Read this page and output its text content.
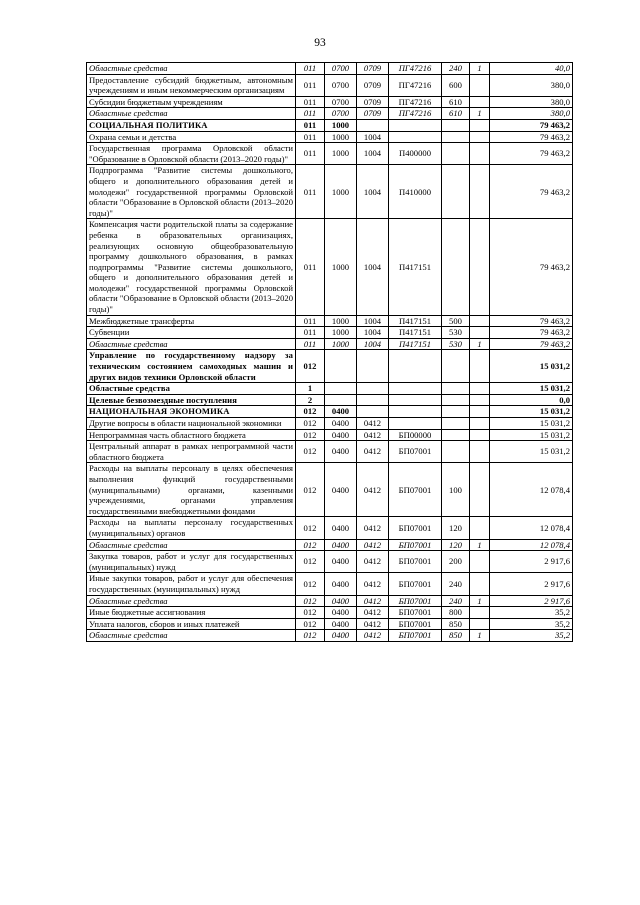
93
Областные средства	011	0700	0709	ПГ47216	240	1	40,0
Предоставление субсидий бюджетным, автономным учреждениям и иным некоммерческим организациям	011	0700	0709	ПГ47216	600		380,0
Субсидии бюджетным учреждениям	011	0700	0709	ПГ47216	610		380,0
Областные средства	011	0700	0709	ПГ47216	610	1	380,0
СОЦИАЛЬНАЯ ПОЛИТИКА	011	1000					79 463,2
Охрана семьи и детства	011	1000	1004				79 463,2
Государственная программа Орловской области "Образование в Орловской области (2013–2020 годы)"	011	1000	1004	П400000			79 463,2
Подпрограмма "Развитие системы дошкольного, общего и дополнительного образования детей и молодежи" государственной программы Орловской области "Образование в Орловской области (2013–2020 годы)"	011	1000	1004	П410000			79 463,2
Компенсация части родительской платы за содержание ребенка в образовательных организациях, реализующих основную общеобразовательную программу дошкольного образования, в рамках подпрограммы "Развитие системы дошкольного, общего и дополнительного образования детей и молодежи" государственной программы Орловской области "Образование в Орловской области (2013–2020 годы)"	011	1000	1004	П417151			79 463,2
Межбюджетные трансферты	011	1000	1004	П417151	500		79 463,2
Субвенции	011	1000	1004	П417151	530		79 463,2
Областные средства	011	1000	1004	П417151	530	1	79 463,2
Управление по государственному надзору за техническим состоянием самоходных машин и других видов техники Орловской области	012						15 031,2
Областные средства	1						15 031,2
Целевые безвозмездные поступления	2						0,0
НАЦИОНАЛЬНАЯ ЭКОНОМИКА	012	0400					15 031,2
Другие вопросы в области национальной экономики	012	0400	0412				15 031,2
Непрограммная часть областного бюджета	012	0400	0412	БП00000			15 031,2
Центральный аппарат в рамках непрограммной части областного бюджета	012	0400	0412	БП07001			15 031,2
Расходы на выплаты персоналу в целях обеспечения выполнения функций государственными (муниципальными) органами, казенными учреждениями, органами управления государственными внебюджетными фондами	012	0400	0412	БП07001	100		12 078,4
Расходы на выплаты персоналу государственных (муниципальных) органов	012	0400	0412	БП07001	120		12 078,4
Областные средства	012	0400	0412	БП07001	120	1	12 078,4
Закупка товаров, работ и услуг для государственных (муниципальных) нужд	012	0400	0412	БП07001	200		2 917,6
Иные закупки товаров, работ и услуг для обеспечения государственных (муниципальных) нужд	012	0400	0412	БП07001	240		2 917,6
Областные средства	012	0400	0412	БП07001	240	1	2 917,6
Иные бюджетные ассигнования	012	0400	0412	БП07001	800		35,2
Уплата налогов, сборов и иных платежей	012	0400	0412	БП07001	850		35,2
Областные средства	012	0400	0412	БП07001	850	1	35,2
